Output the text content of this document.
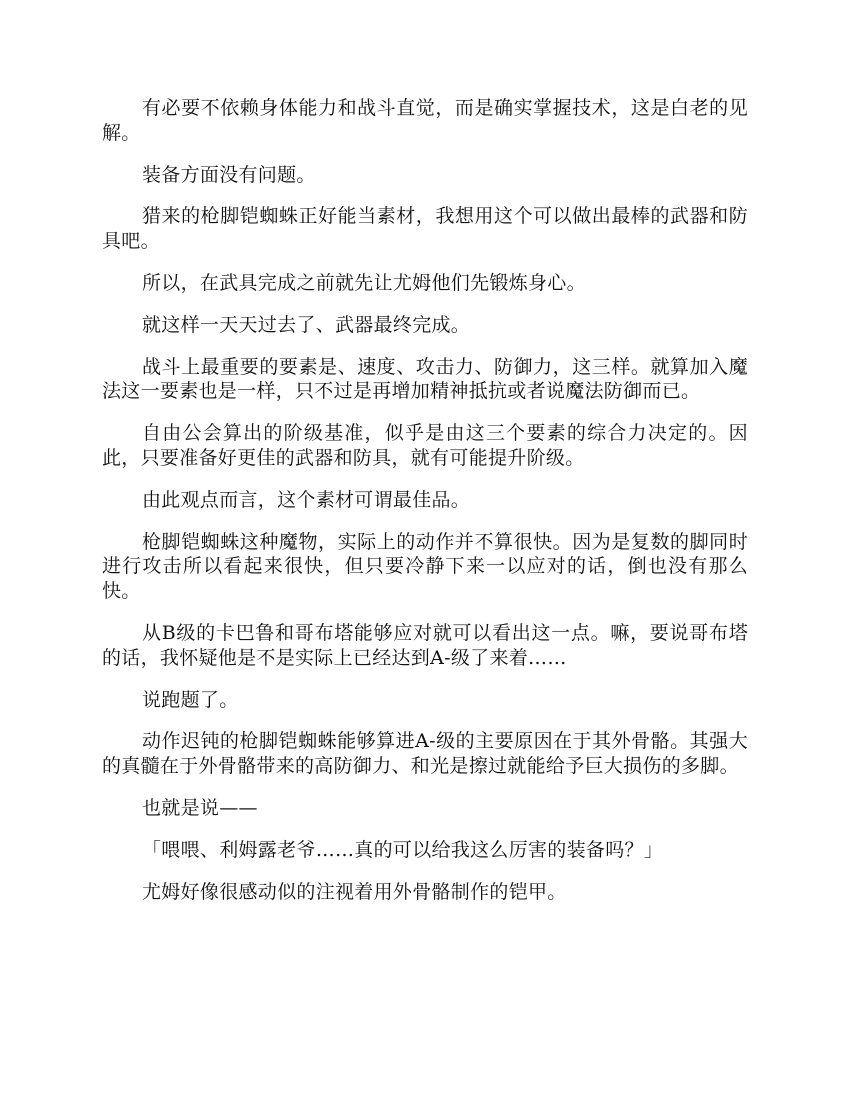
有必要不依赖身体能力和战斗直觉，而是确实掌握技术，这是白老的见解。

装备方面没有问题。

猎来的枪脚铠蜘蛛正好能当素材，我想用这个可以做出最棒的武器和防具吧。

所以，在武具完成之前就先让尤姆他们先锻炼身心。

就这样一天天过去了、武器最终完成。

战斗上最重要的要素是、速度、攻击力、防御力，这三样。就算加入魔法这一要素也是一样，只不过是再增加精神抵抗或者说魔法防御而已。

自由公会算出的阶级基准，似乎是由这三个要素的综合力决定的。因此，只要准备好更佳的武器和防具，就有可能提升阶级。

由此观点而言，这个素材可谓最佳品。

枪脚铠蜘蛛这种魔物，实际上的动作并不算很快。因为是复数的脚同时进行攻击所以看起来很快，但只要冷静下来一以应对的话，倒也没有那么快。

从B级的卡巴鲁和哥布塔能够应对就可以看出这一点。嘛，要说哥布塔的话，我怀疑他是不是实际上已经达到A-级了来着……

说跑题了。

动作迟钝的枪脚铠蜘蛛能够算进A-级的主要原因在于其外骨骼。其强大的真髓在于外骨骼带来的高防御力、和光是擦过就能给予巨大损伤的多脚。

也就是说——

「喂喂、利姆露老爷……真的可以给我这么厉害的装备吗？」

尤姆好像很感动似的注视着用外骨骼制作的铠甲。
